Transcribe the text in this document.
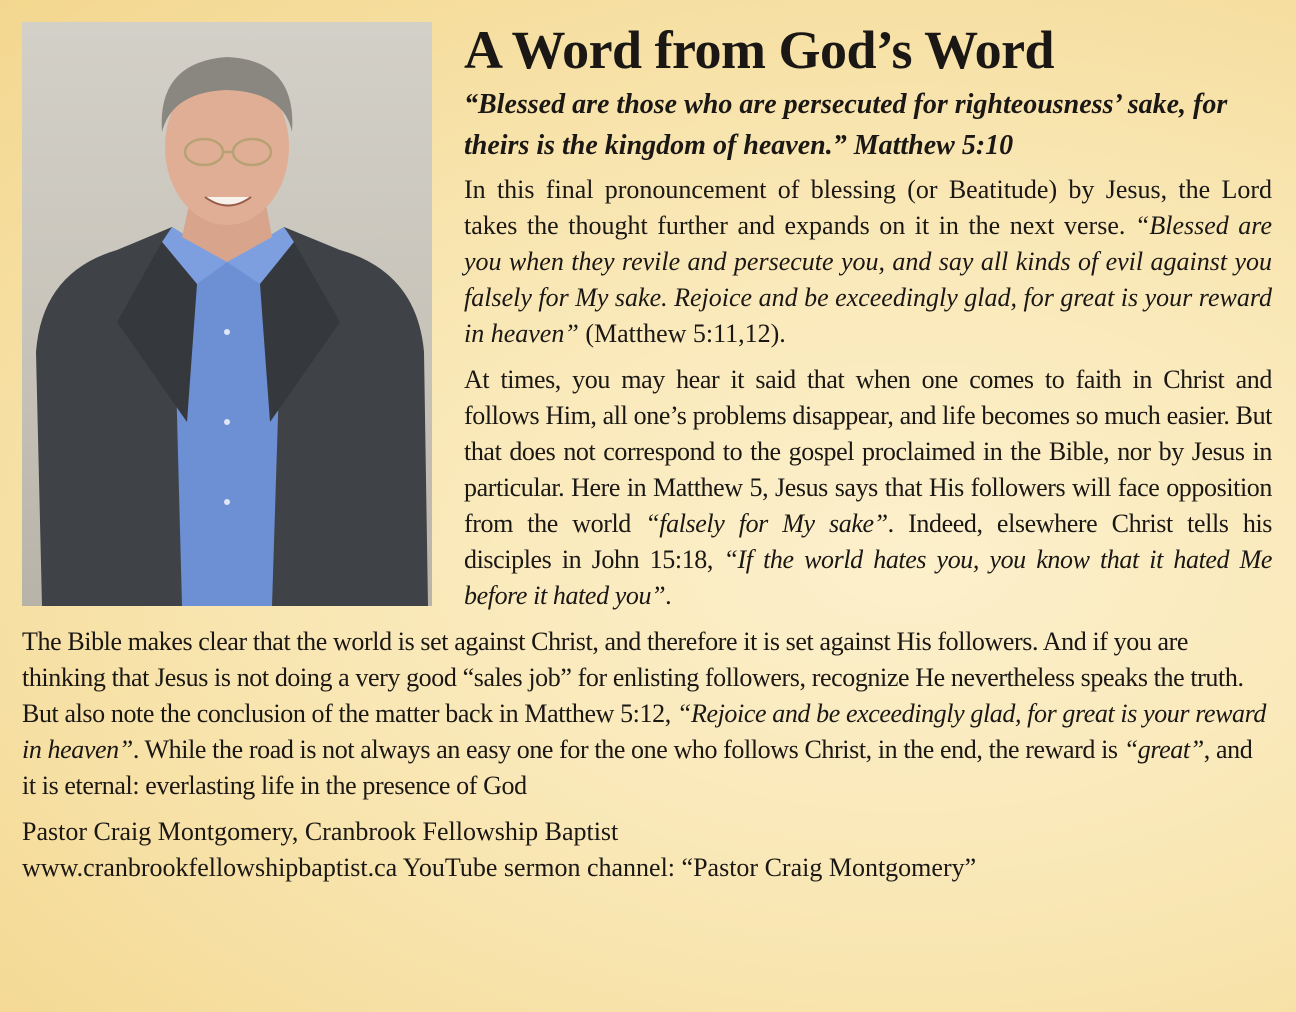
A Word from God’s Word

“Blessed are those who are persecuted for righteousness’ sake, for theirs is the kingdom of heaven.” Matthew 5:10

In this final pronouncement of blessing (or Beatitude) by Jesus, the Lord takes the thought further and expands on it in the next verse. “Blessed are you when they revile and persecute you, and say all kinds of evil against you falsely for My sake. Rejoice and be exceedingly glad, for great is your reward in heaven” (Matthew 5:11,12).

At times, you may hear it said that when one comes to faith in Christ and follows Him, all one’s problems disappear, and life becomes so much easier. But that does not correspond to the gospel proclaimed in the Bible, nor by Jesus in particular. Here in Matthew 5, Jesus says that His followers will face opposition from the world “falsely for My sake”. Indeed, elsewhere Christ tells his disciples in John 15:18, “If the world hates you, you know that it hated Me before it hated you”.

The Bible makes clear that the world is set against Christ, and therefore it is set against His followers. And if you are thinking that Jesus is not doing a very good “sales job” for enlisting followers, recognize He nevertheless speaks the truth. But also note the conclusion of the matter back in Matthew 5:12, “Rejoice and be exceedingly glad, for great is your reward in heaven”. While the road is not always an easy one for the one who follows Christ, in the end, the reward is “great”, and it is eternal: everlasting life in the presence of God

Pastor Craig Montgomery, Cranbrook Fellowship Baptist
www.cranbrookfellowshipbaptist.ca YouTube sermon channel: “Pastor Craig Montgomery”
